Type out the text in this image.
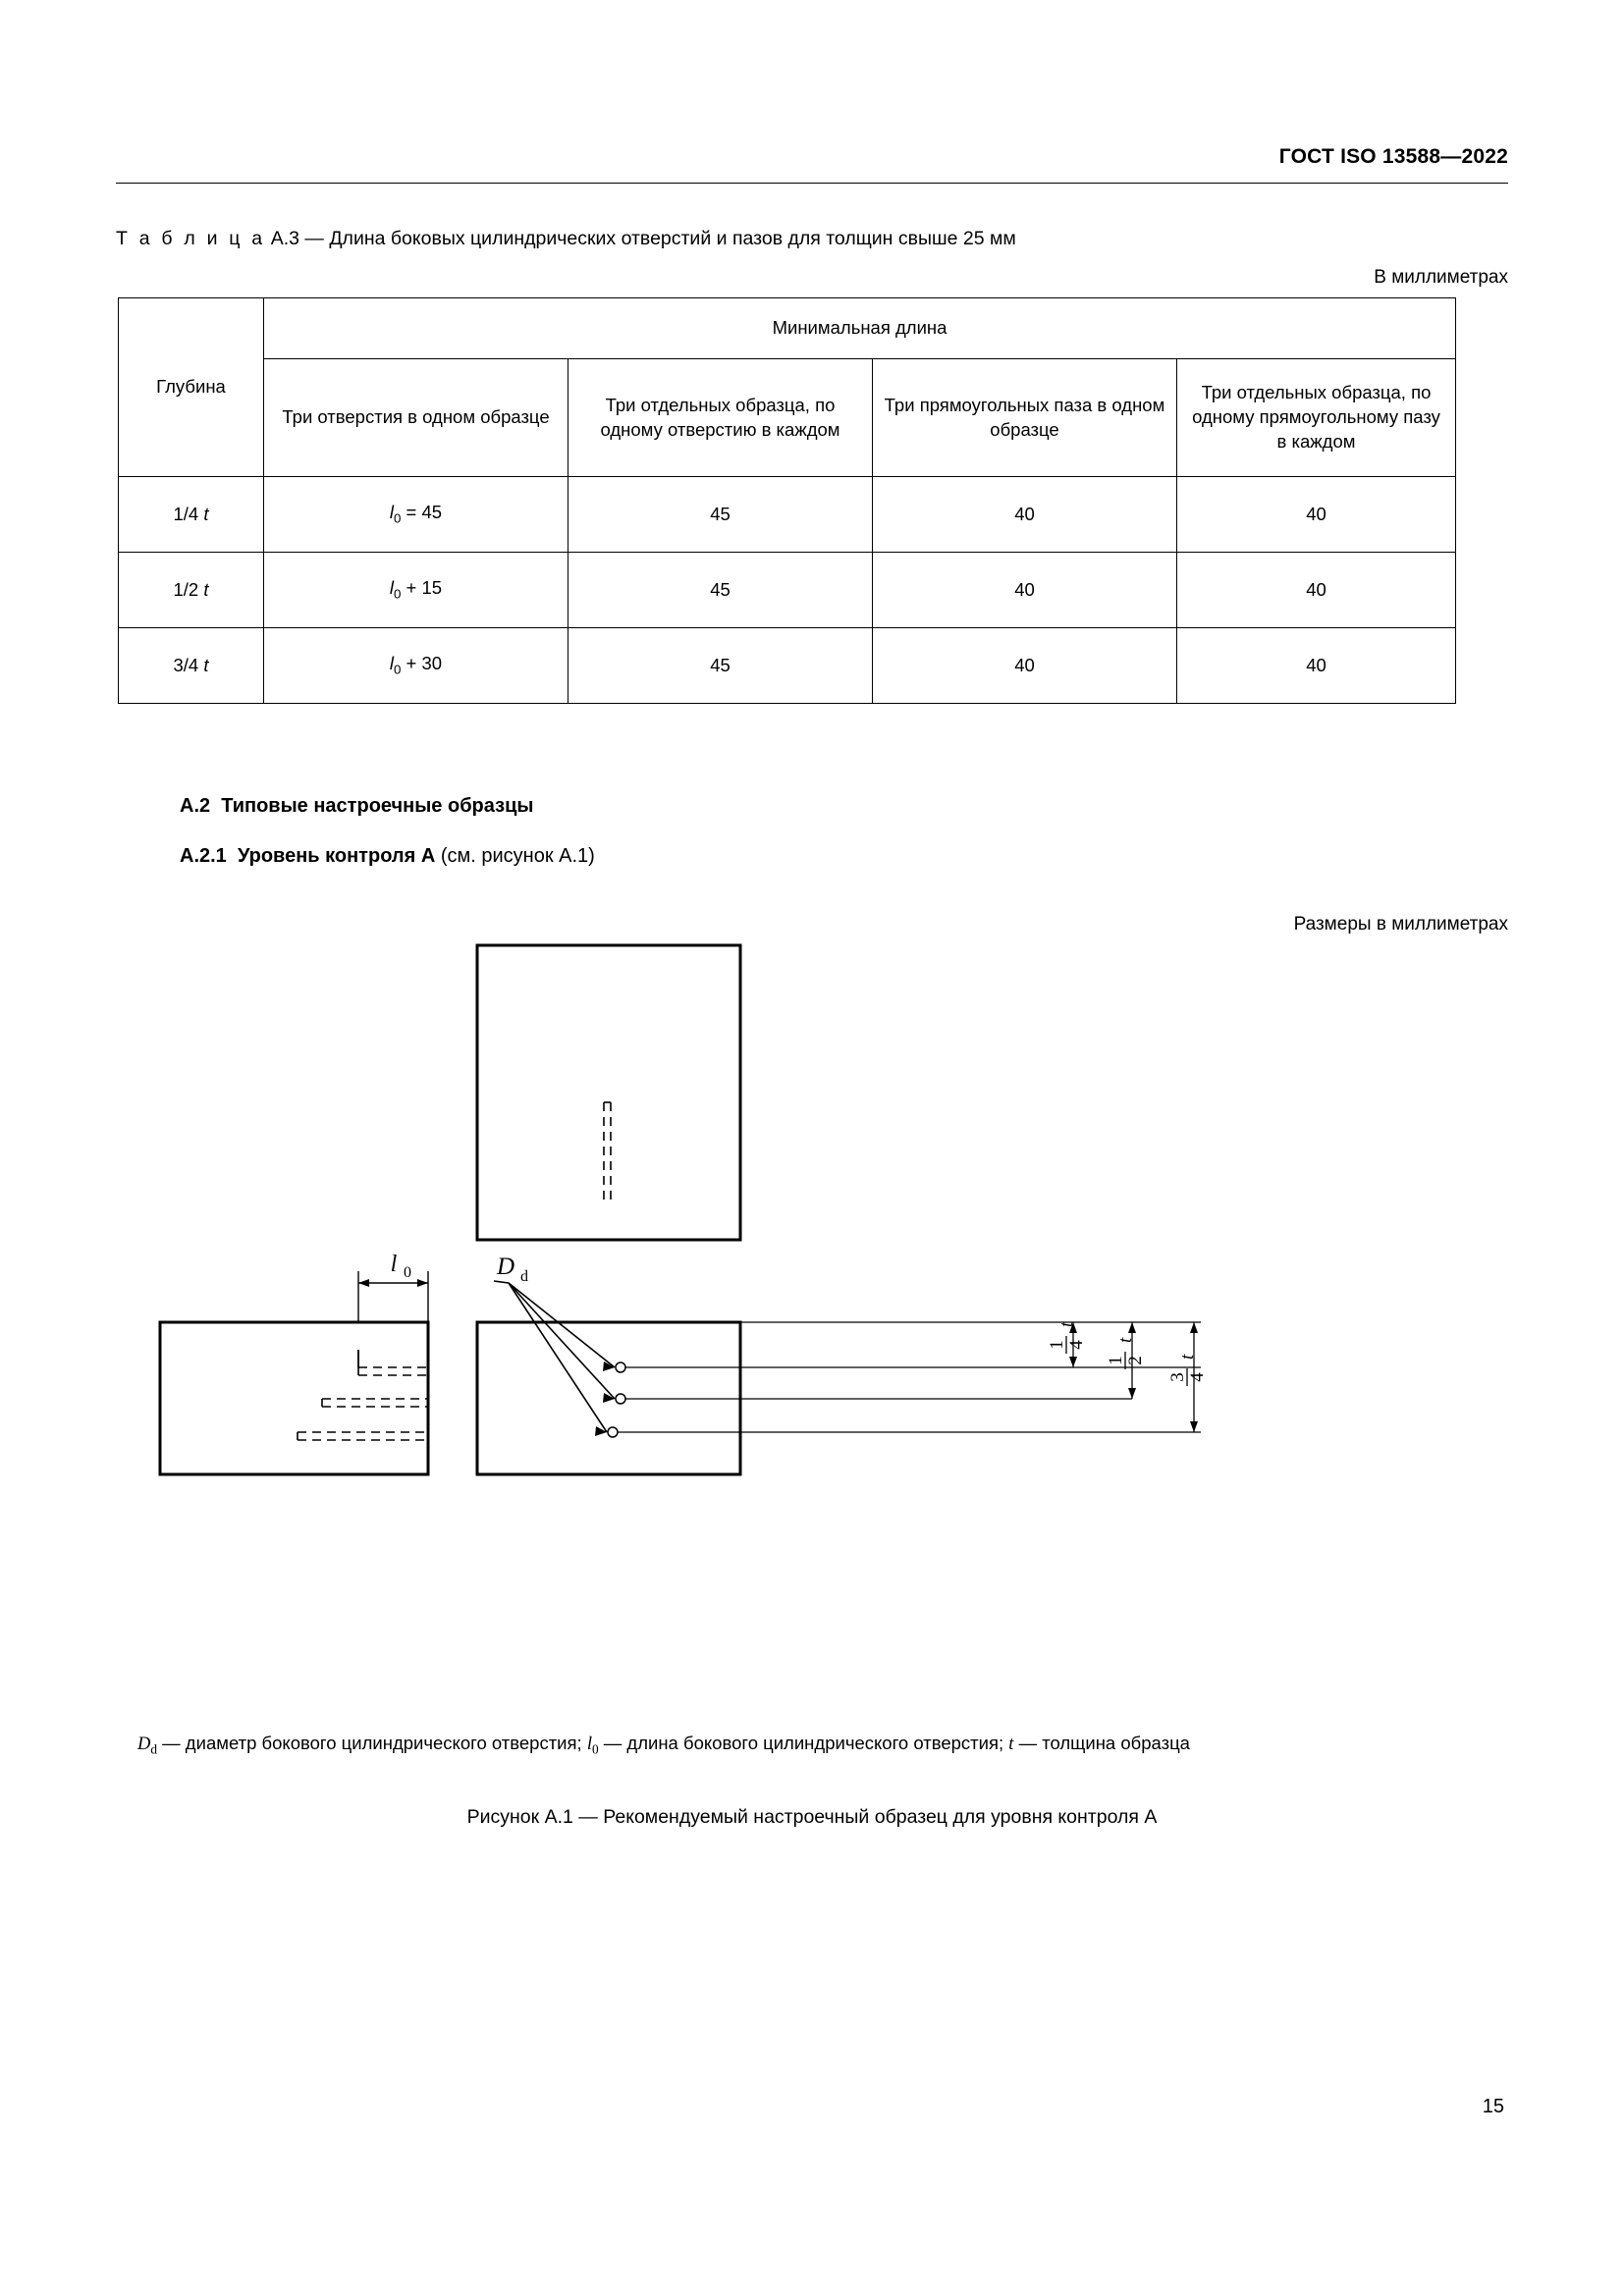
ГОСТ ISO 13588—2022
Т а б л и ц а А.3 — Длина боковых цилиндрических отверстий и пазов для толщин свыше 25 мм
В миллиметрах
Глубина	Минимальная длина			
	Три отверстия в одном образце	Три отдельных образца, по одному отверстию в каждом	Три прямоугольных паза в одном образце	Три отдельных образца, по одному прямоугольному пазу в каждом
1/4 t	$l_0 = 45$	45	40	40
1/2 t	$l_0 + 15$	45	40	40
3/4 t	$l_0 + 30$	45	40	40
А.2 Типовые настроечные образцы
А.2.1 Уровень контроля А (см. рисунок А.1)
Размеры в миллиметрах
l 0	D d
1 4
t
1 2
t
3 4
t
$D_d$ — диаметр бокового цилиндрического отверстия; $l_0$ — длина бокового цилиндрического отверстия; t — толщина образца
Рисунок А.1 — Рекомендуемый настроечный образец для уровня контроля А
15
